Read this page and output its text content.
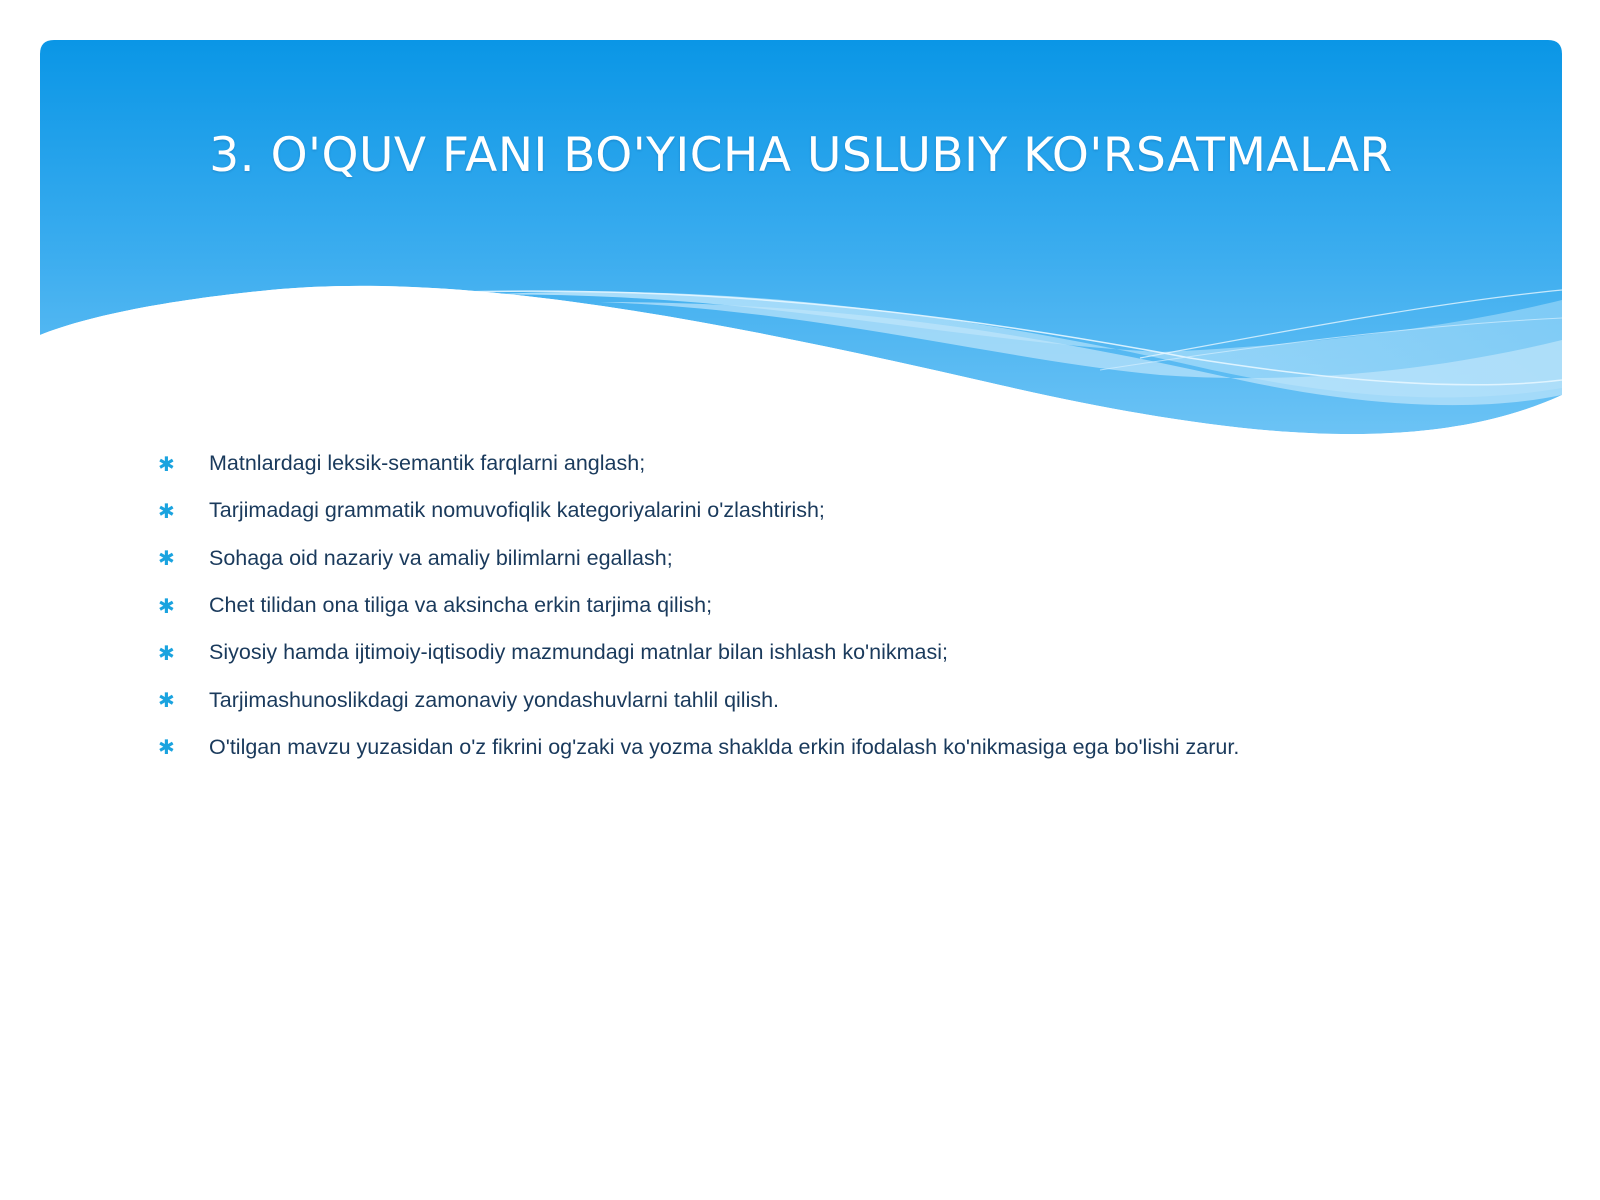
3. O'QUV FANI BO'YICHA USLUBIY KO'RSATMALAR
✱	Matnlardagi leksik-semantik farqlarni anglash;
✱	Tarjimadagi grammatik nomuvofiqlik kategoriyalarini o'zlashtirish;
✱	Sohaga oid nazariy va amaliy bilimlarni egallash;
✱	Chet tilidan ona tiliga va aksincha erkin tarjima qilish;
✱	Siyosiy hamda ijtimoiy-iqtisodiy mazmundagi matnlar bilan ishlash ko'nikmasi;
✱	Tarjimashunoslikdagi zamonaviy yondashuvlarni tahlil qilish.
✱	O'tilgan mavzu yuzasidan o'z fikrini og'zaki va yozma shaklda erkin ifodalash ko'nikmasiga ega bo'lishi zarur.
